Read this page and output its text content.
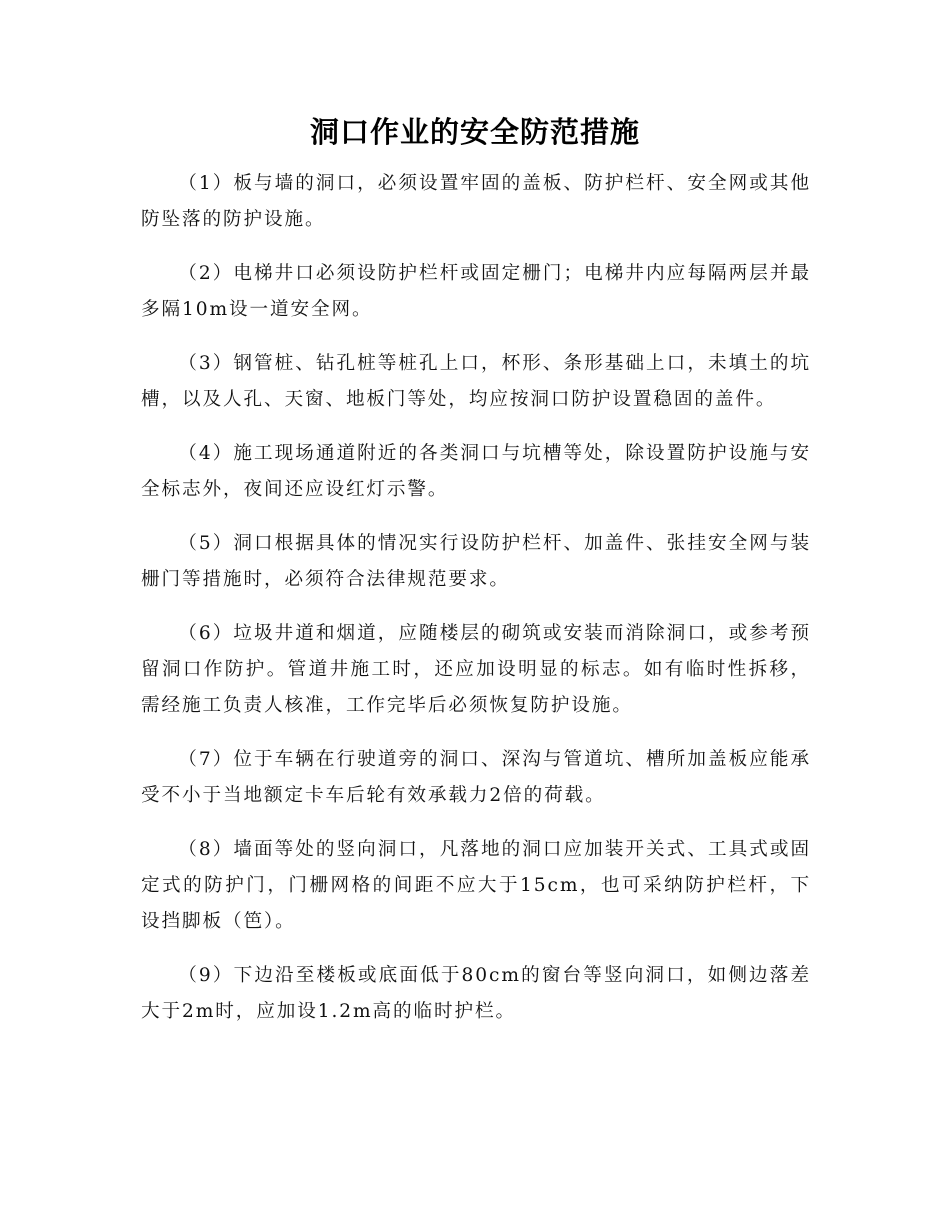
洞口作业的安全防范措施

（1）板与墙的洞口，必须设置牢固的盖板、防护栏杆、安全网或其他防坠落的防护设施。

（2）电梯井口必须设防护栏杆或固定栅门；电梯井内应每隔两层并最多隔10m设一道安全网。

（3）钢管桩、钻孔桩等桩孔上口，杯形、条形基础上口，未填土的坑槽，以及人孔、天窗、地板门等处，均应按洞口防护设置稳固的盖件。

（4）施工现场通道附近的各类洞口与坑槽等处，除设置防护设施与安全标志外，夜间还应设红灯示警。

（5）洞口根据具体的情况实行设防护栏杆、加盖件、张挂安全网与装栅门等措施时，必须符合法律规范要求。

（6）垃圾井道和烟道，应随楼层的砌筑或安装而消除洞口，或参考预留洞口作防护。管道井施工时，还应加设明显的标志。如有临时性拆移，需经施工负责人核准，工作完毕后必须恢复防护设施。

（7）位于车辆在行驶道旁的洞口、深沟与管道坑、槽所加盖板应能承受不小于当地额定卡车后轮有效承载力2倍的荷载。

（8）墙面等处的竖向洞口，凡落地的洞口应加装开关式、工具式或固定式的防护门，门栅网格的间距不应大于15cm，也可采纳防护栏杆，下设挡脚板（笆）。

（9）下边沿至楼板或底面低于80cm的窗台等竖向洞口，如侧边落差大于2m时，应加设1.2m高的临时护栏。
